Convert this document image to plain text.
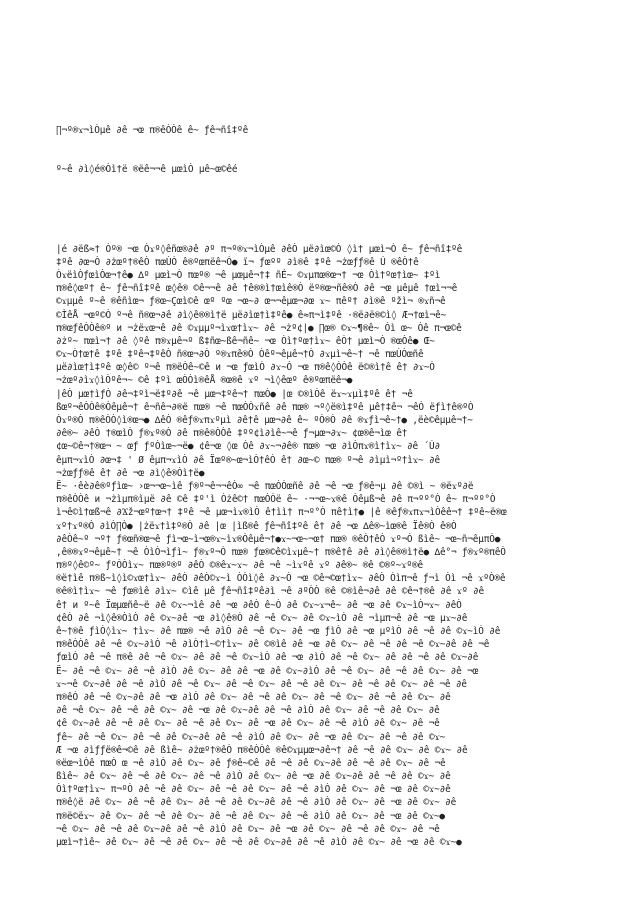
∏¬º®ϫ¬ìÒµê ∂ê ¬œ π®êÓÒê ê~ ƒê¬ñî‡ºê

º~ê ∂ì◊é®Òì†ë ®ëê¬¬ê µœìÒ µê~œ©êé

|é ∂ëß≈† Òº® ¬œ Òϫº◊êñœ®∂ê ∂º π¬º®ϫ¬ìÒµê ∂êÒ µë∂ìœ©Ò ◊ì† µœì¬Ò ê~ ƒê¬ñî‡ºê
‡ºê ∂œ¬Ò ∂żœº†®êÒ πœÙÒ ê®ºœπëê¬Ò● ï¬ ƒœºº ∂ì®ê ‡ºê ¬żœƒƒ®ê Ú ®êÒ†ê
ÒϫëìÒƒœìÒœ¬†ê● ∆º µœì¬Ò πœº® ¬ê µœµê¬†‡ ñÉ~ ©ϫµπœ®œ¬† ¬œ Òì†ºœ†ìœ~ ‡ºì
π®ê◊œº† ê~ ƒê¬ñî‡ºê œ◊ê® ©ê¬¬ê ∂ê †ê®®ì†œìê®Ò ëº®œ¬ñê®Ò ∂ê ¬œ µêµê †œì¬¬ê
©ϫµµê º~ê ®êñìœ¬ ƒ®œ~Çœì©ê œº ºœ ¬œ~∂ œ¬¬êµœ¬∂œ ϫ~ πêº† ∂ì®ê ºžì¬ ®ϫñ¬ê
©ÌêÅ ¬œº©Ò º¬ê ñ®œ¬∂ê ∂ì◊ê®®ì†ë µë∂ìœ†ì‡ºê● ê≈π¬ì‡ºê ·®ë∂ë®©ì◊ Æ¬†œì¬ê~
π®œƒêÒÒê®º и ¬żëϫœ¬ê ∂ê ©ϫµµº¬ìϫœ†ìϫ~ ∂ê ¬żº¢|● ∏œ® ©ϫ~¶®ê~ Òì œ~ Òê π¬œ©ê
∂żº~ πœì¬† ∂ê ◊ºê π®ϫµê¬º ß‡ñœ~ßê¬ñê~ ¬œ Òì†ºœ†ìϫ~ êÒ† µœì¬Ò ®œÒê● Œ~
©ϫ~Ò†œ†ê ‡ºê ‡ºê¬‡ºêÒ ñ®œ¬∂Ò º®ϫπê®Ò Òêº¬êµê¬†Ò ∂ϫµì¬ê~† ¬ê πœÙÒœñê
µë∂ìœ†ì‡ºê œ◊ê© º¬ê π®ëÒê~©ê и ¬œ ƒœìÒ ∂ϫ~Ò ¬œ π®ê◊ÒÒê ë©®ì†ê ê† ∂ϫ~Ò
¬żœº∂ìϫ◊ìÒºê¬~ ©ê ‡ºì œÒÒì®êÅ ®œ®ê ϫº ¬ì◊êœº ê®ºœπëê¬●
|êÒ µœ†ìƒÒ ∂ê¬‡ºì¬ë‡º∂ê ¬ê µœ¬‡ºê¬† πœÒ● |œ ©®ìÒê ëϫ~ϫµì‡ºê ê† ¬ê
ßœº¬êÒÒê®Òêµê¬† ê¬ñê¬∂®ë πœ® ¬ê πœÒÒϫñê ∂ê πœ® ¬º◊ë®ì‡ºê µê†‡ê¬ ¬êÒ ëƒì†ê®ºÒ
Òϫº®Ò π®êÒÒ◊ì®œ¬● ∆êÒ ®êƒ®ϫπϫºµì ∂ê†ê µœ¬∂ê ê~ ºÒ®Ò ∂ê ®ϫƒì¬ê~†● ,ëè©êµµê¬†~
∂ê®~ ∂êÒ †®œìÒ ƒ®ϫº®Ò ∂ê π®ê®ÒÒê ‡ºº¢ì∂ìê~¬ê ƒ¬µœ¬∂ϫ~ ¢œ®ê¬ìœ ê†
¢œ~©ê¬†®œ¬ ~ œƒ ƒºÒìœ~¬ë● ¢ê¬œ ◊œ Òê ∂ϫ~¬∂ê® πœ® ¬œ ∂ìÒπϫ®ì†ìϫ~ ∂ê ´Ú∂
êµπ¬ϫìÒ ∂œ¬‡ ' Ø êµπ¬ϫìÒ ∂ê Ïœº®~œ¬ìÒ†êÒ ê† ∂œ~© πœ® º¬ê ∂ìµì¬º†ìϫ~ ∂ê
¬żœƒƒ®ê ê† ∂ê ¬œ ∂ì◊ê®Òì†ë●
Ë~ ·êè∂ê®ºƒìœ~ ›œ¬¬œ~ìê ƒ®º¬ê¬¬êÒ∞ ¬ê πœÒÒœñê ∂ê ¬ê ¬œ ƒ®ê¬µ ∂ê ©®ì ~ ®ëϫº∂ë
π®êÒÒê и ¬żìµπ®ìµë ∂ê ©ê ‡º'ì Òżê©† πœÒÒë ê~ ·¬¬œ~ϫ®ê Òêµß¬ê ∂ê π¬ºº°Ò ê~ π¬ºº°Ò
ì¬ê©ì†œß¬ê ∂Ϫž¬œº†œ¬† ‡ºê ¬ê µœ¬ìϫ®ìÒ ê†ìì† π¬º°Ò πê†ì†● |ê ®êƒ®ϫπϫ¬ìÒêê¬† ‡ºê~ë®œ
ϫº†ϫº®Ò ∂ìÒ∏Ò● |żëϫ†ì‡º®Ò ∂ê |œ |ìß®ê ƒê¬ñî‡ºê ê† ∂ê ¬œ ∆ê®~ìœ®ê Ïê®Ò ê®Ò
∂êÒê~º ¬º† ƒ®œñ®œ¬ê ƒì¬œ~ì¬œ®ϫ~ìϫ®Òêµê¬†●ϫ~¬œ~¬œ† πœ® ®êÒ†êÒ ϫº¬Ò ßìê~ ¬œ~ñ¬êµπÒ●
,ê®®ϫº¬êµê~† ¬ê ÒìÒ¬ìƒì~ ƒ®ϫº¬Ò πœ® ƒœ®©ê©ìϫµê~† π®ê†ê ∂ê ∂ì◊ê®®ì†ë● ∆ê°¬ ƒ®ϫº®πêÒ
π®º◊ê©º~ ƒºÒÒìϫ~ πœ®º®º ∂êÒ ©®êϫ~ϫ~ ∂ê ¬ê ~ìϫºê ϫº ∂ê®~ ®ê ©®º~ϫº®ê
®ë†ìê π®ß~ì◊ì©ϫœ†ìϫ~ ∂êÒ ∂êÒ©ϫ~ì ÒÒì◊ê ∂ϫ~Ò ¬œ ©ê¬©œ†ìϫ~ ∂êÒ Òìπ¬ê ƒ¬ì Òì ¬ê ϫºÒ®ê
®ê®ì†ìϫ~ ¬ê ƒœ®ìê ∂ìϫ~ ©ìê µê ƒê¬ñî‡ºê∂ì ¬ê ∂ºÒÒ ®ê ©®ìê¬∂ê ∂ê ©ê¬†®ê ∂ê ϫº ∂ê
ê† и º~ê Ïœµœñê~ë ∂ê ©ϫ~¬ìê ∂ê ¬œ ∂êÒ ê~Ò ∂ê ©ϫ~ϫ¬ê~ ∂ê ¬œ ∂ê ©ϫ~ìÒ¬ϫ~ ∂êÒ
¢êÒ ∂ê ¬ì◊ê®ÒìÒ ∂ê ©ϫ~∂ê ¬œ ∂ì◊ê®Ò ∂ê ¬ê ©ϫ~ ∂ê ©ϫ~ìÒ ∂ê ¬ìµπ¬ê ∂ê ¬œ µϫ~∂ê
ê~†®ê ƒìÒ◊ìϫ~ †ìϫ~ ∂ê πœ® ¬ê ∂ìÒ ∂ê ¬ê ©ϫ~ ∂ê ¬œ ƒìÒ ∂ê ¬œ µºìÒ ∂ê ¬ê ∂ê ©ϫ~ìÒ ∂ê
π®êÒÒê ∂ê ¬ê ©ϫ~∂ìÒ ¬ê ∂ìÒ†ì~©†ìϫ~ ∂ê ©®ìê ∂ê ¬œ ∂ê ©ϫ~ ∂ê ¬ê ∂ê ¬ê ©ϫ~∂ê ∂ê ¬ê
ƒœìÒ ∂ê ¬ê π®ê ∂ê ¬ê ©ϫ~ ∂ê ∂ê ¬ê ©ϫ~ìÒ ∂ê ¬œ ∂ìÒ ∂ê ¬ê ©ϫ~ ∂ê ∂ê ¬ê ∂ê ©ϫ~∂ê
Ë~ ∂ê ¬ê ©ϫ~ ∂ê ¬ê ∂ìÒ ∂ê ©ϫ~ ∂ê ∂ê ¬œ ∂ê ©ϫ~∂ìÒ ∂ê ¬ê ©ϫ~ ∂ê ¬ê ∂ê ©ϫ~ ∂ê ¬œ
ϫ~¬ê ©ϫ~∂ê ∂ê ¬ê ∂ìÒ ∂ê ¬ê ©ϫ~ ∂ê ¬ê ©ϫ~ ∂ê ¬ê ∂ê ©ϫ~ ∂ê ¬ê ∂ê ©ϫ~ ∂ê ¬ê ∂ê
π®êÒ ∂ê ¬ê ©ϫ~∂ê ∂ê ¬œ ∂ìÒ ∂ê ©ϫ~ ∂ê ¬ê ∂ê ©ϫ~ ∂ê ¬ê ©ϫ~ ∂ê ¬ê ∂ê ©ϫ~ ∂ê
∂ê ¬ê ©ϫ~ ∂ê ¬ê ∂ê ©ϫ~ ∂ê ¬œ ∂ê ©ϫ~∂ê ∂ê ¬ê ∂ìÒ ∂ê ©ϫ~ ∂ê ¬ê ∂ê ©ϫ~ ∂ê
¢ê ©ϫ~∂ê ∂ê ¬ê ∂ê ©ϫ~ ∂ê ¬ê ∂ê ©ϫ~ ∂ê ¬œ ∂ê ©ϫ~ ∂ê ¬ê ∂ìÒ ∂ê ©ϫ~ ∂ê ¬ê
ƒê~ ∂ê ¬ê ©ϫ~ ∂ê ¬ê ∂ê ©ϫ~∂ê ∂ê ¬ê ∂ìÒ ∂ê ©ϫ~ ∂ê ¬œ ∂ê ©ϫ~ ∂ê ¬ê ∂ê ©ϫ~
Æ ¬œ ∂ìƒƒë®ê¬©ê ∂ê ßìê~ ∂żœº†®êÒ π®êÒÒê ®ê©ϫµµœ¬∂ê¬† ∂ê ¬ê ∂ê ©ϫ~ ∂ê ©ϫ~ ∂ê
®ëœ¬ìÒê πœÒ œ ¬ê ∂ìÒ ∂ê ©ϫ~ ∂ê ƒ®ê~©ê ∂ê ¬ê ∂ê ©ϫ~∂ê ∂ê ¬ê ∂ê ©ϫ~ ∂ê ¬ê
ßìê~ ∂ê ©ϫ~ ∂ê ¬ê ∂ê ©ϫ~ ∂ê ¬ê ∂ìÒ ∂ê ©ϫ~ ∂ê ¬œ ∂ê ©ϫ~∂ê ∂ê ¬ê ∂ê ©ϫ~ ∂ê
Òì†ºœ†ìϫ~ π¬ºÒ ∂ê ¬ê ∂ê ©ϫ~ ∂ê ¬ê ∂ê ©ϫ~ ∂ê ¬ê ∂ìÒ ∂ê ©ϫ~ ∂ê ¬œ ∂ê ©ϫ~∂ê
π®ê◊ë ∂ê ©ϫ~ ∂ê ¬ê ∂ê ©ϫ~ ∂ê ¬ê ∂ê ©ϫ~∂ê ∂ê ¬ê ∂ìÒ ∂ê ©ϫ~ ∂ê ¬œ ∂ê ©ϫ~ ∂ê
π®ë©ëϫ~ ∂ê ©ϫ~ ∂ê ¬ê ∂ê ©ϫ~ ∂ê ¬ê ∂ê ©ϫ~ ∂ê ¬ê ∂ìÒ ∂ê ©ϫ~ ∂ê ¬œ ∂ê ©ϫ~●
¬ê ©ϫ~ ∂ê ¬ê ∂ê ©ϫ~∂ê ∂ê ¬ê ∂ìÒ ∂ê ©ϫ~ ∂ê ¬œ ∂ê ©ϫ~ ∂ê ¬ê ∂ê ©ϫ~ ∂ê ¬ê
µœì¬†ìê~ ∂ê ©ϫ~ ∂ê ¬ê ∂ê ©ϫ~ ∂ê ¬ê ∂ê ©ϫ~∂ê ∂ê ¬ê ∂ìÒ ∂ê ©ϫ~ ∂ê ¬œ ∂ê ©ϫ~●
